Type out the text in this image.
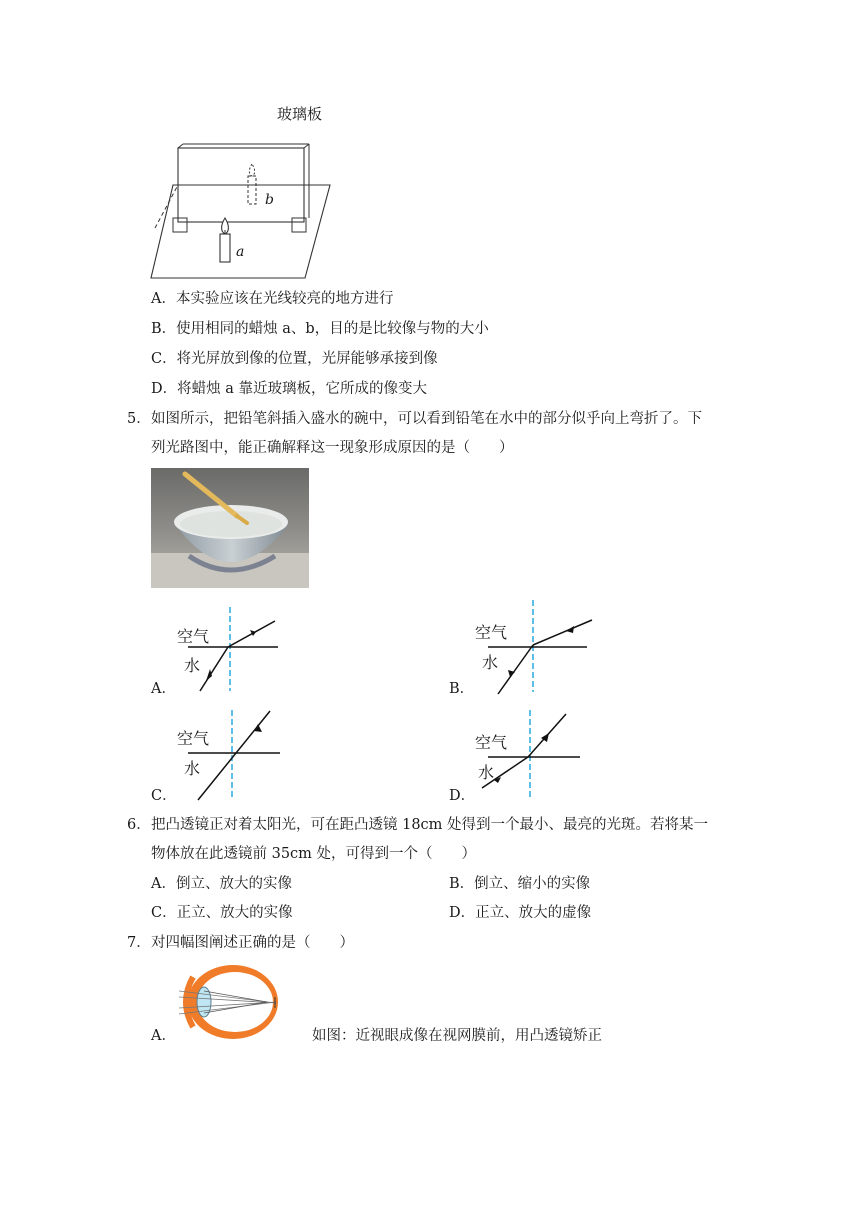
玻璃板
b
a
A．本实验应该在光线较亮的地方进行
B．使用相同的蜡烛 a、b，目的是比较像与物的大小
C．将光屏放到像的位置，光屏能够承接到像
D．将蜡烛 a 靠近玻璃板，它所成的像变大
5． 如图所示，把铅笔斜插入盛水的碗中，可以看到铅笔在水中的部分似乎向上弯折了。下
列光路图中，能正确解释这一现象形成原因的是（　　）
空气
水
A．
空气
水
B．
空气
水
C．
空气
水
D．
6． 把凸透镜正对着太阳光，可在距凸透镜 18cm 处得到一个最小、最亮的光斑。若将某一
物体放在此透镜前 35cm 处，可得到一个（　　）
A．倒立、放大的实像	B．倒立、缩小的实像
C．正立、放大的实像	D．正立、放大的虚像
7． 对四幅图阐述正确的是（　　）
A．	如图：近视眼成像在视网膜前，用凸透镜矫正
